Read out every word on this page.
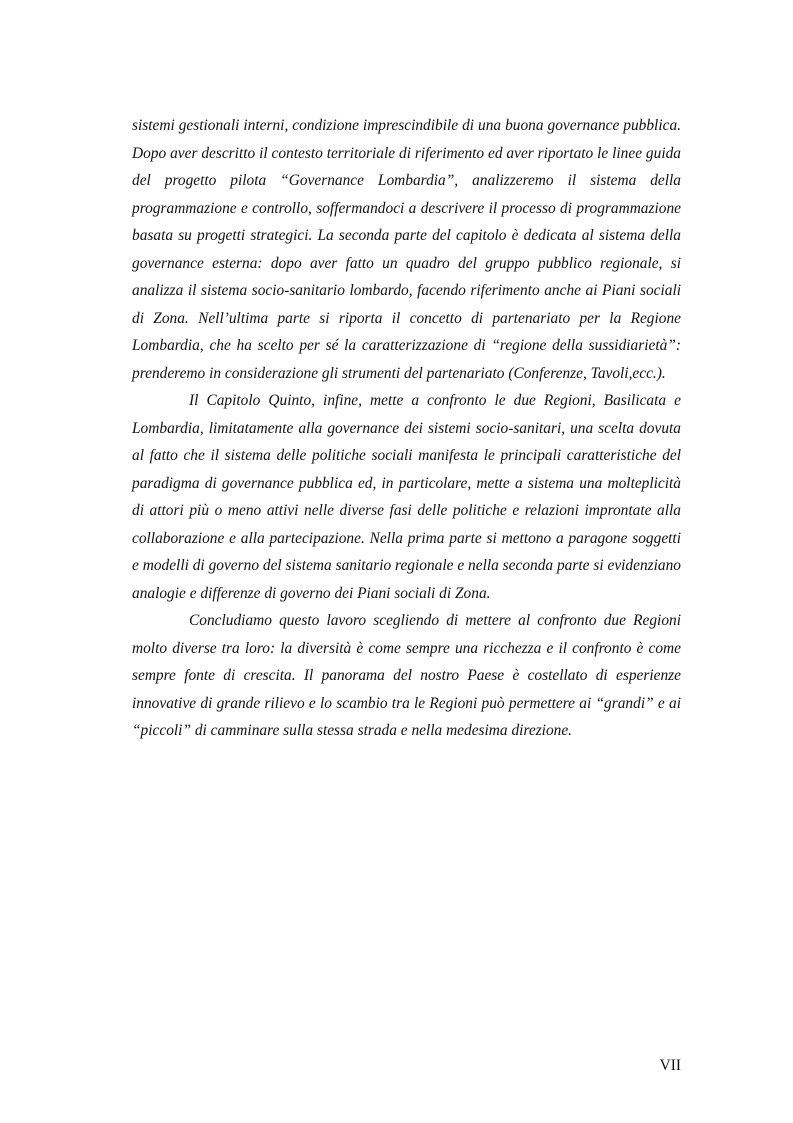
sistemi gestionali interni, condizione imprescindibile di una buona governance pubblica. Dopo aver descritto il contesto territoriale di riferimento ed aver riportato le linee guida del progetto pilota “Governance Lombardia”, analizzeremo il sistema della programmazione e controllo, soffermandoci a descrivere il processo di programmazione basata su progetti strategici. La seconda parte del capitolo è dedicata al sistema della governance esterna: dopo aver fatto un quadro del gruppo pubblico regionale, si analizza il sistema socio-sanitario lombardo, facendo riferimento anche ai Piani sociali di Zona. Nell’ultima parte si riporta il concetto di partenariato per la Regione Lombardia, che ha scelto per sé la caratterizzazione di “regione della sussidiarietà”: prenderemo in considerazione gli strumenti del partenariato (Conferenze, Tavoli,ecc.).

Il Capitolo Quinto, infine, mette a confronto le due Regioni, Basilicata e Lombardia, limitatamente alla governance dei sistemi socio-sanitari, una scelta dovuta al fatto che il sistema delle politiche sociali manifesta le principali caratteristiche del paradigma di governance pubblica ed, in particolare, mette a sistema una molteplicità di attori più o meno attivi nelle diverse fasi delle politiche e relazioni improntate alla collaborazione e alla partecipazione. Nella prima parte si mettono a paragone soggetti e modelli di governo del sistema sanitario regionale e nella seconda parte si evidenziano analogie e differenze di governo dei Piani sociali di Zona.

Concludiamo questo lavoro scegliendo di mettere al confronto due Regioni molto diverse tra loro: la diversità è come sempre una ricchezza e il confronto è come sempre fonte di crescita. Il panorama del nostro Paese è costellato di esperienze innovative di grande rilievo e lo scambio tra le Regioni può permettere ai “grandi” e ai “piccoli” di camminare sulla stessa strada e nella medesima direzione.

VII
